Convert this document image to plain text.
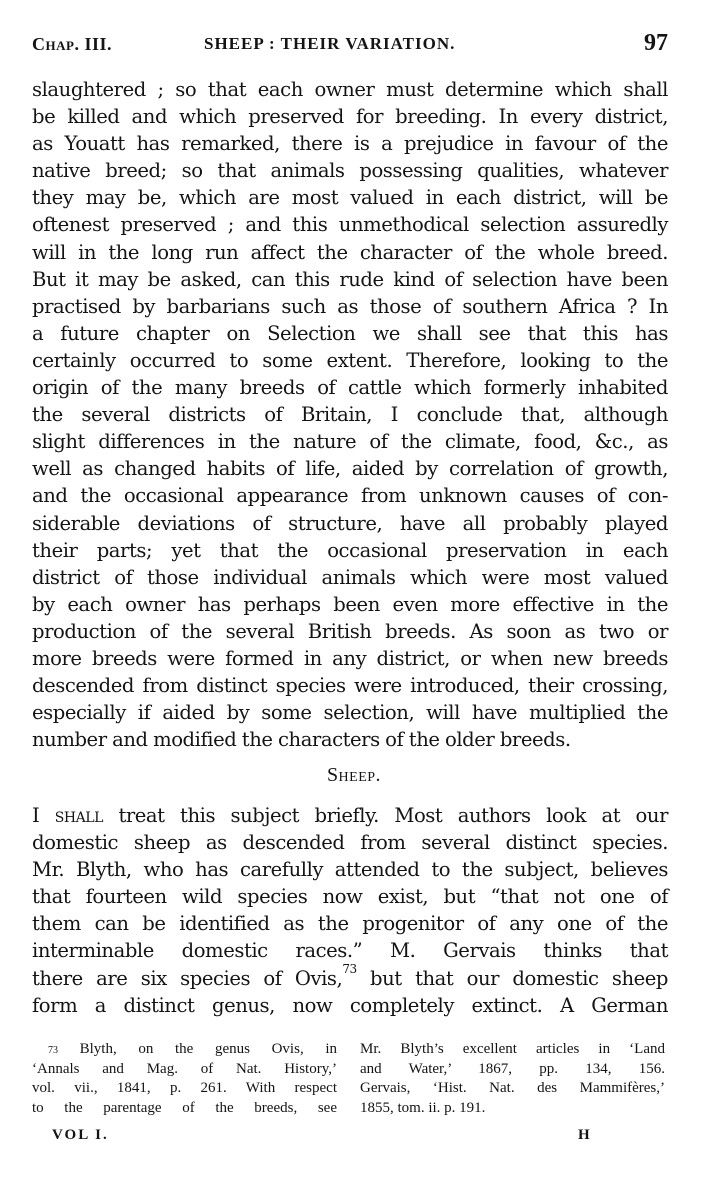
Chap. III.	SHEEP : THEIR VARIATION.	97
slaughtered ; so that each owner must determine which shall
be killed and which preserved for breeding. In every district,
as Youatt has remarked, there is a prejudice in favour of the
native breed; so that animals possessing qualities, whatever
they may be, which are most valued in each district, will be
oftenest preserved ; and this unmethodical selection assuredly
will in the long run affect the character of the whole breed.
But it may be asked, can this rude kind of selection have been
practised by barbarians such as those of southern Africa ? In
a future chapter on Selection we shall see that this has
certainly occurred to some extent. Therefore, looking to the
origin of the many breeds of cattle which formerly inhabited
the several districts of Britain, I conclude that, although
slight differences in the nature of the climate, food, &c., as
well as changed habits of life, aided by correlation of growth,
and the occasional appearance from unknown causes of con-
siderable deviations of structure, have all probably played
their parts; yet that the occasional preservation in each
district of those individual animals which were most valued
by each owner has perhaps been even more effective in the
production of the several British breeds. As soon as two or
more breeds were formed in any district, or when new breeds
descended from distinct species were introduced, their crossing,
especially if aided by some selection, will have multiplied the
number and modified the characters of the older breeds.
Sheep.
I shall treat this subject briefly. Most authors look at our
domestic sheep as descended from several distinct species.
Mr. Blyth, who has carefully attended to the subject, believes
that fourteen wild species now exist, but “that not one of
them can be identified as the progenitor of any one of the
interminable domestic races.” M. Gervais thinks that
there are six species of Ovis,$^{73}$ but that our domestic sheep
form a distinct genus, now completely extinct. A German
$^{73}$ Blyth, on the genus Ovis, in
‘Annals and Mag. of Nat. History,’
vol. vii., 1841, p. 261. With respect
to the parentage of the breeds, see
Mr. Blyth’s excellent articles in ‘Land
and Water,’ 1867, pp. 134, 156.
Gervais, ‘Hist. Nat. des Mammifères,’
1855, tom. ii. p. 191.
VOL I.	H
